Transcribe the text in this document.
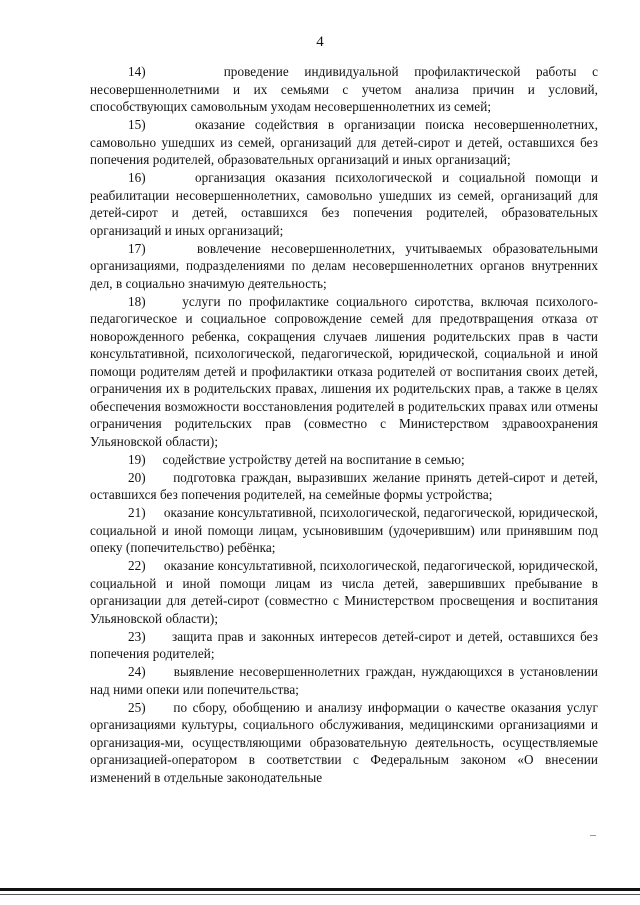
4

14)	проведение индивидуальной профилактической работы с несовершеннолетними и их семьями с учетом анализа причин и условий, способствующих самовольным уходам несовершеннолетних из семей;

15)	оказание содействия в организации поиска несовершеннолетних, самовольно ушедших из семей, организаций для детей-сирот и детей, оставшихся без попечения родителей, образовательных организаций и иных организаций;

16)	организация оказания психологической и социальной помощи и реабилитации несовершеннолетних, самовольно ушедших из семей, организаций для детей-сирот и детей, оставшихся без попечения родителей, образовательных организаций и иных организаций;

17)	вовлечение несовершеннолетних, учитываемых образовательными организациями, подразделениями по делам несовершеннолетних органов внутренних дел, в социально значимую деятельность;

18)	услуги по профилактике социального сиротства, включая психолого-педагогическое и социальное сопровождение семей для предотвращения отказа от новорожденного ребенка, сокращения случаев лишения родительских прав в части консультативной, психологической, педагогической, юридической, социальной и иной помощи родителям детей и профилактики отказа родителей от воспитания своих детей, ограничения их в родительских правах, лишения их родительских прав, а также в целях обеспечения возможности восстановления родителей в родительских правах или отмены ограничения родительских прав (совместно с Министерством здравоохранения Ульяновской области);

19) содействие устройству детей на воспитание в семью;

20) подготовка граждан, выразивших желание принять детей-сирот и детей, оставшихся без попечения родителей, на семейные формы устройства;

21) оказание консультативной, психологической, педагогической, юридической, социальной и иной помощи лицам, усыновившим (удочерившим) или принявшим под опеку (попечительство) ребёнка;

22) оказание консультативной, психологической, педагогической, юридической, социальной и иной помощи лицам из числа детей, завершивших пребывание в организации для детей-сирот (совместно с Министерством просвещения и воспитания Ульяновской области);

23) защита прав и законных интересов детей-сирот и детей, оставшихся без попечения родителей;

24) выявление несовершеннолетних граждан, нуждающихся в установлении над ними опеки или попечительства;

25) по сбору, обобщению и анализу информации о качестве оказания услуг организациями культуры, социального обслуживания, медицинскими организациями и организация-ми, осуществляющими образовательную деятельность, осуществляемые организацией-оператором в соответствии с Федеральным законом «О внесении изменений в отдельные законодательные
